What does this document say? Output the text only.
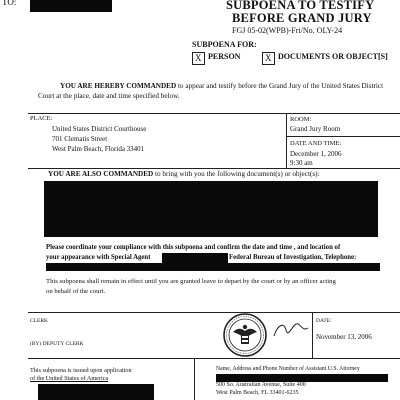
TO:	SUBPOENA TO TESTIFY
BEFORE GRAND JURY
FGJ 05-02(WPB)-Fri/No. OLY-24
SUBPOENA FOR:
X PERSON	X DOCUMENTS OR OBJECT[S]
YOU ARE HEREBY COMMANDED to appear and testify before the Grand Jury of the United States District
Court at the place, date and time specified below.
PLACE:
United States District Courthouse
701 Clematis Street
West Palm Beach, Florida 33401
ROOM:
Grand Jury Room
DATE AND TIME:
December 1, 2006
9:30 am
YOU ARE ALSO COMMANDED to bring with you the following document(s) or object(s):
Please coordinate your compliance with this subpoena and confirm the date and time , and location of
your appearance with Special Agent	Federal Bureau of Investigation, Telephone:
This subpoena shall remain in effect until you are granted leave to depart by the court or by an officer acting
on behalf of the court.
CLERK
(BY) DEPUTY CLERK
DATE:
November 13, 2006
This subpoena is issued upon application
of the United States of America
Name, Address and Phone Number of Assistant U.S. Attorney
500 So. Australian Avenue, Suite 400
West Palm Beach, FL 33401-6235
